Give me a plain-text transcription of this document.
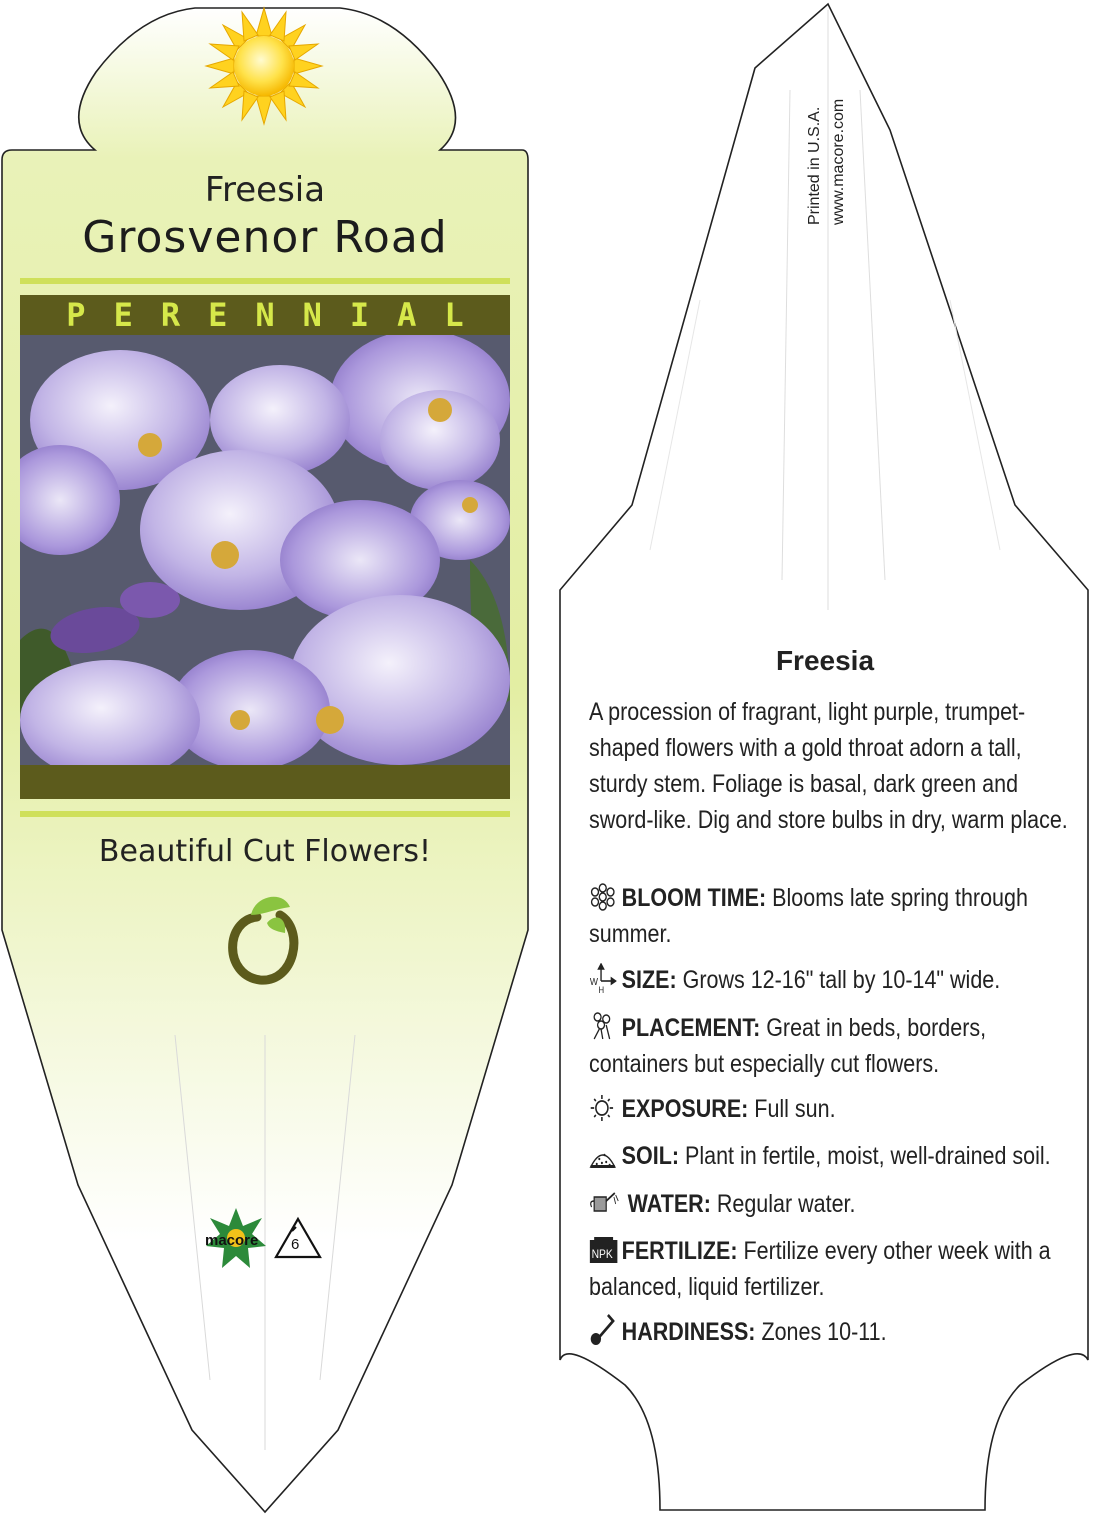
Freesia
Grosvenor Road
PERENNIAL
Beautiful Cut Flowers!
macore 6
Printed in U.S.A. www.macore.com
Freesia
A procession of fragrant, light purple, trumpet-shaped flowers with a gold throat adorn a tall, sturdy stem. Foliage is basal, dark green and sword-like. Dig and store bulbs in dry, warm place.
BLOOM TIME: Blooms late spring through summer.
W
H SIZE: Grows 12-16" tall by 10-14" wide.
PLACEMENT: Great in beds, borders, containers but especially cut flowers.
EXPOSURE: Full sun.
SOIL: Plant in fertile, moist, well-drained soil.
WATER: Regular water.
NPK FERTILIZE: Fertilize every other week with a balanced, liquid fertilizer.
HARDINESS: Zones 10-11.
